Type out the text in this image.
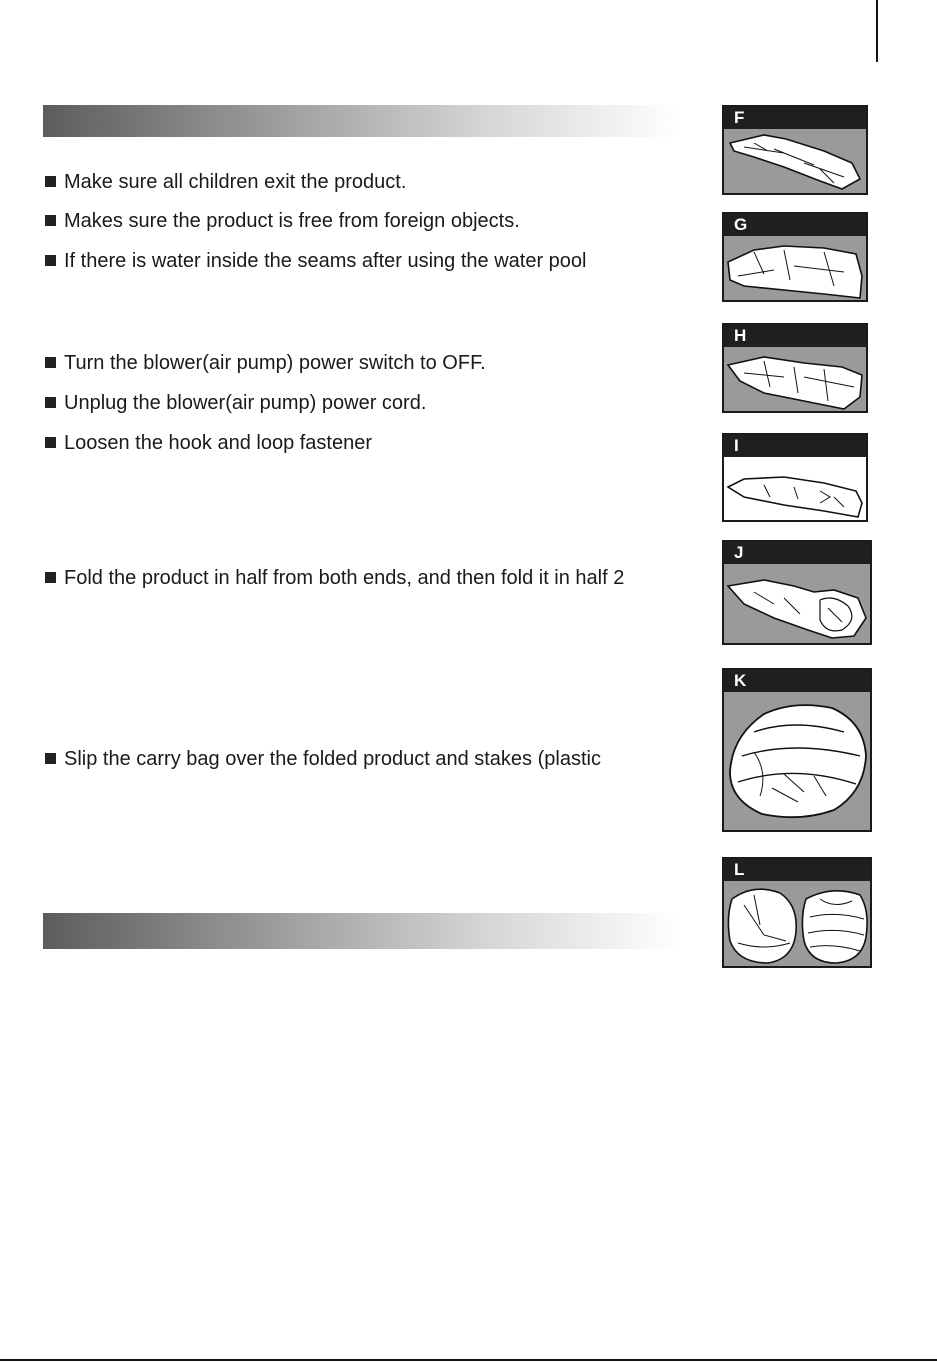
Make sure all children exit the product.
Makes sure the product is free from foreign objects.
If there is water inside the seams after using the water pool
Turn the blower(air pump) power switch to OFF.
Unplug the blower(air pump) power cord.
Loosen the hook and loop fastener
Fold the product in half from both ends, and then fold it in half 2
Slip the carry bag over the folded product and stakes (plastic
F
G
H
I
J
K
L
